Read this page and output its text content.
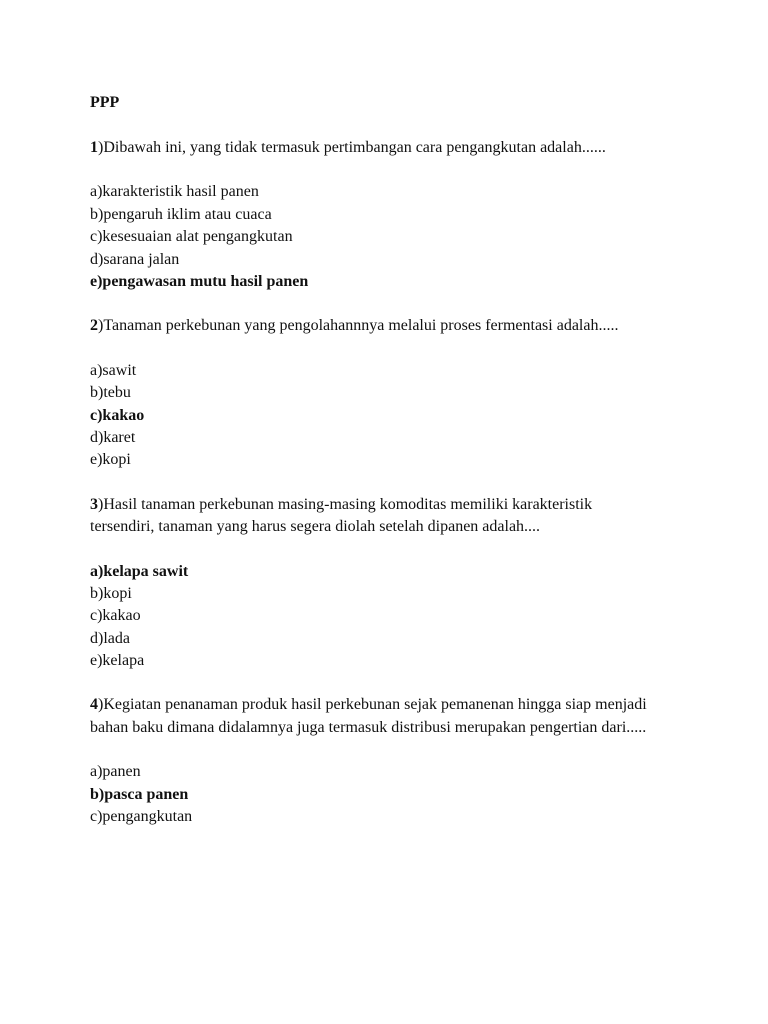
PPP
1)Dibawah ini, yang tidak termasuk pertimbangan cara pengangkutan adalah......
a)karakteristik hasil panen
b)pengaruh iklim atau cuaca
c)kesesuaian alat pengangkutan
d)sarana jalan
e)pengawasan mutu hasil panen
2)Tanaman perkebunan yang pengolahannnya melalui proses fermentasi adalah.....
a)sawit
b)tebu
c)kakao
d)karet
e)kopi
3)Hasil tanaman perkebunan masing-masing komoditas memiliki karakteristik tersendiri, tanaman yang harus segera diolah setelah dipanen adalah....
a)kelapa sawit
b)kopi
c)kakao
d)lada
e)kelapa
4)Kegiatan penanaman produk hasil perkebunan sejak pemanenan hingga siap menjadi bahan baku dimana didalamnya juga termasuk distribusi merupakan pengertian dari.....
a)panen
b)pasca panen
c)pengangkutan
